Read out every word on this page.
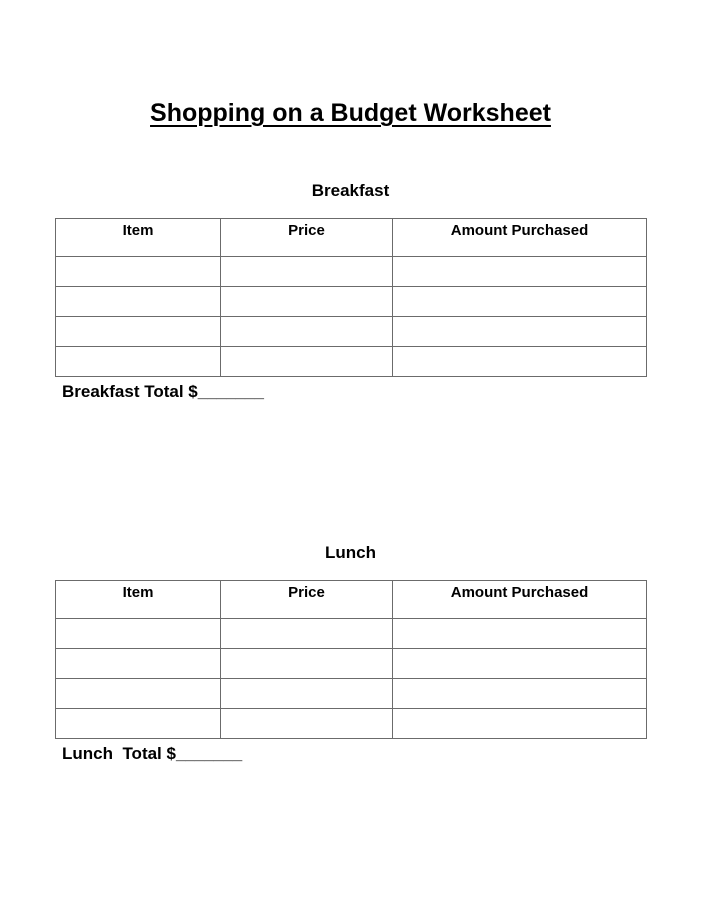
Shopping on a Budget Worksheet
Breakfast
Item	Price	Amount Purchased

Breakfast Total $_______
Lunch
Item	Price	Amount Purchased

Lunch  Total $_______
